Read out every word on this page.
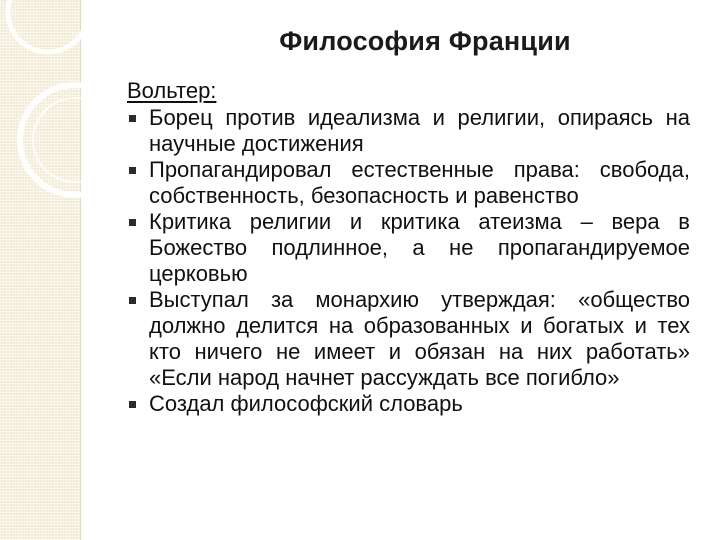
Философия Франции
Вольтер:
Борец против идеализма и религии, опираясь на научные достижения
Пропагандировал естественные права: свобода, собственность, безопасность и равенство
Критика религии и критика атеизма – вера в Божество подлинное, а не пропагандируемое церковью
Выступал за монархию утверждая: «общество должно делится на образованных и богатых и тех кто ничего не имеет и обязан на них работать» «Если народ начнет рассуждать все погибло»
Создал философский словарь
